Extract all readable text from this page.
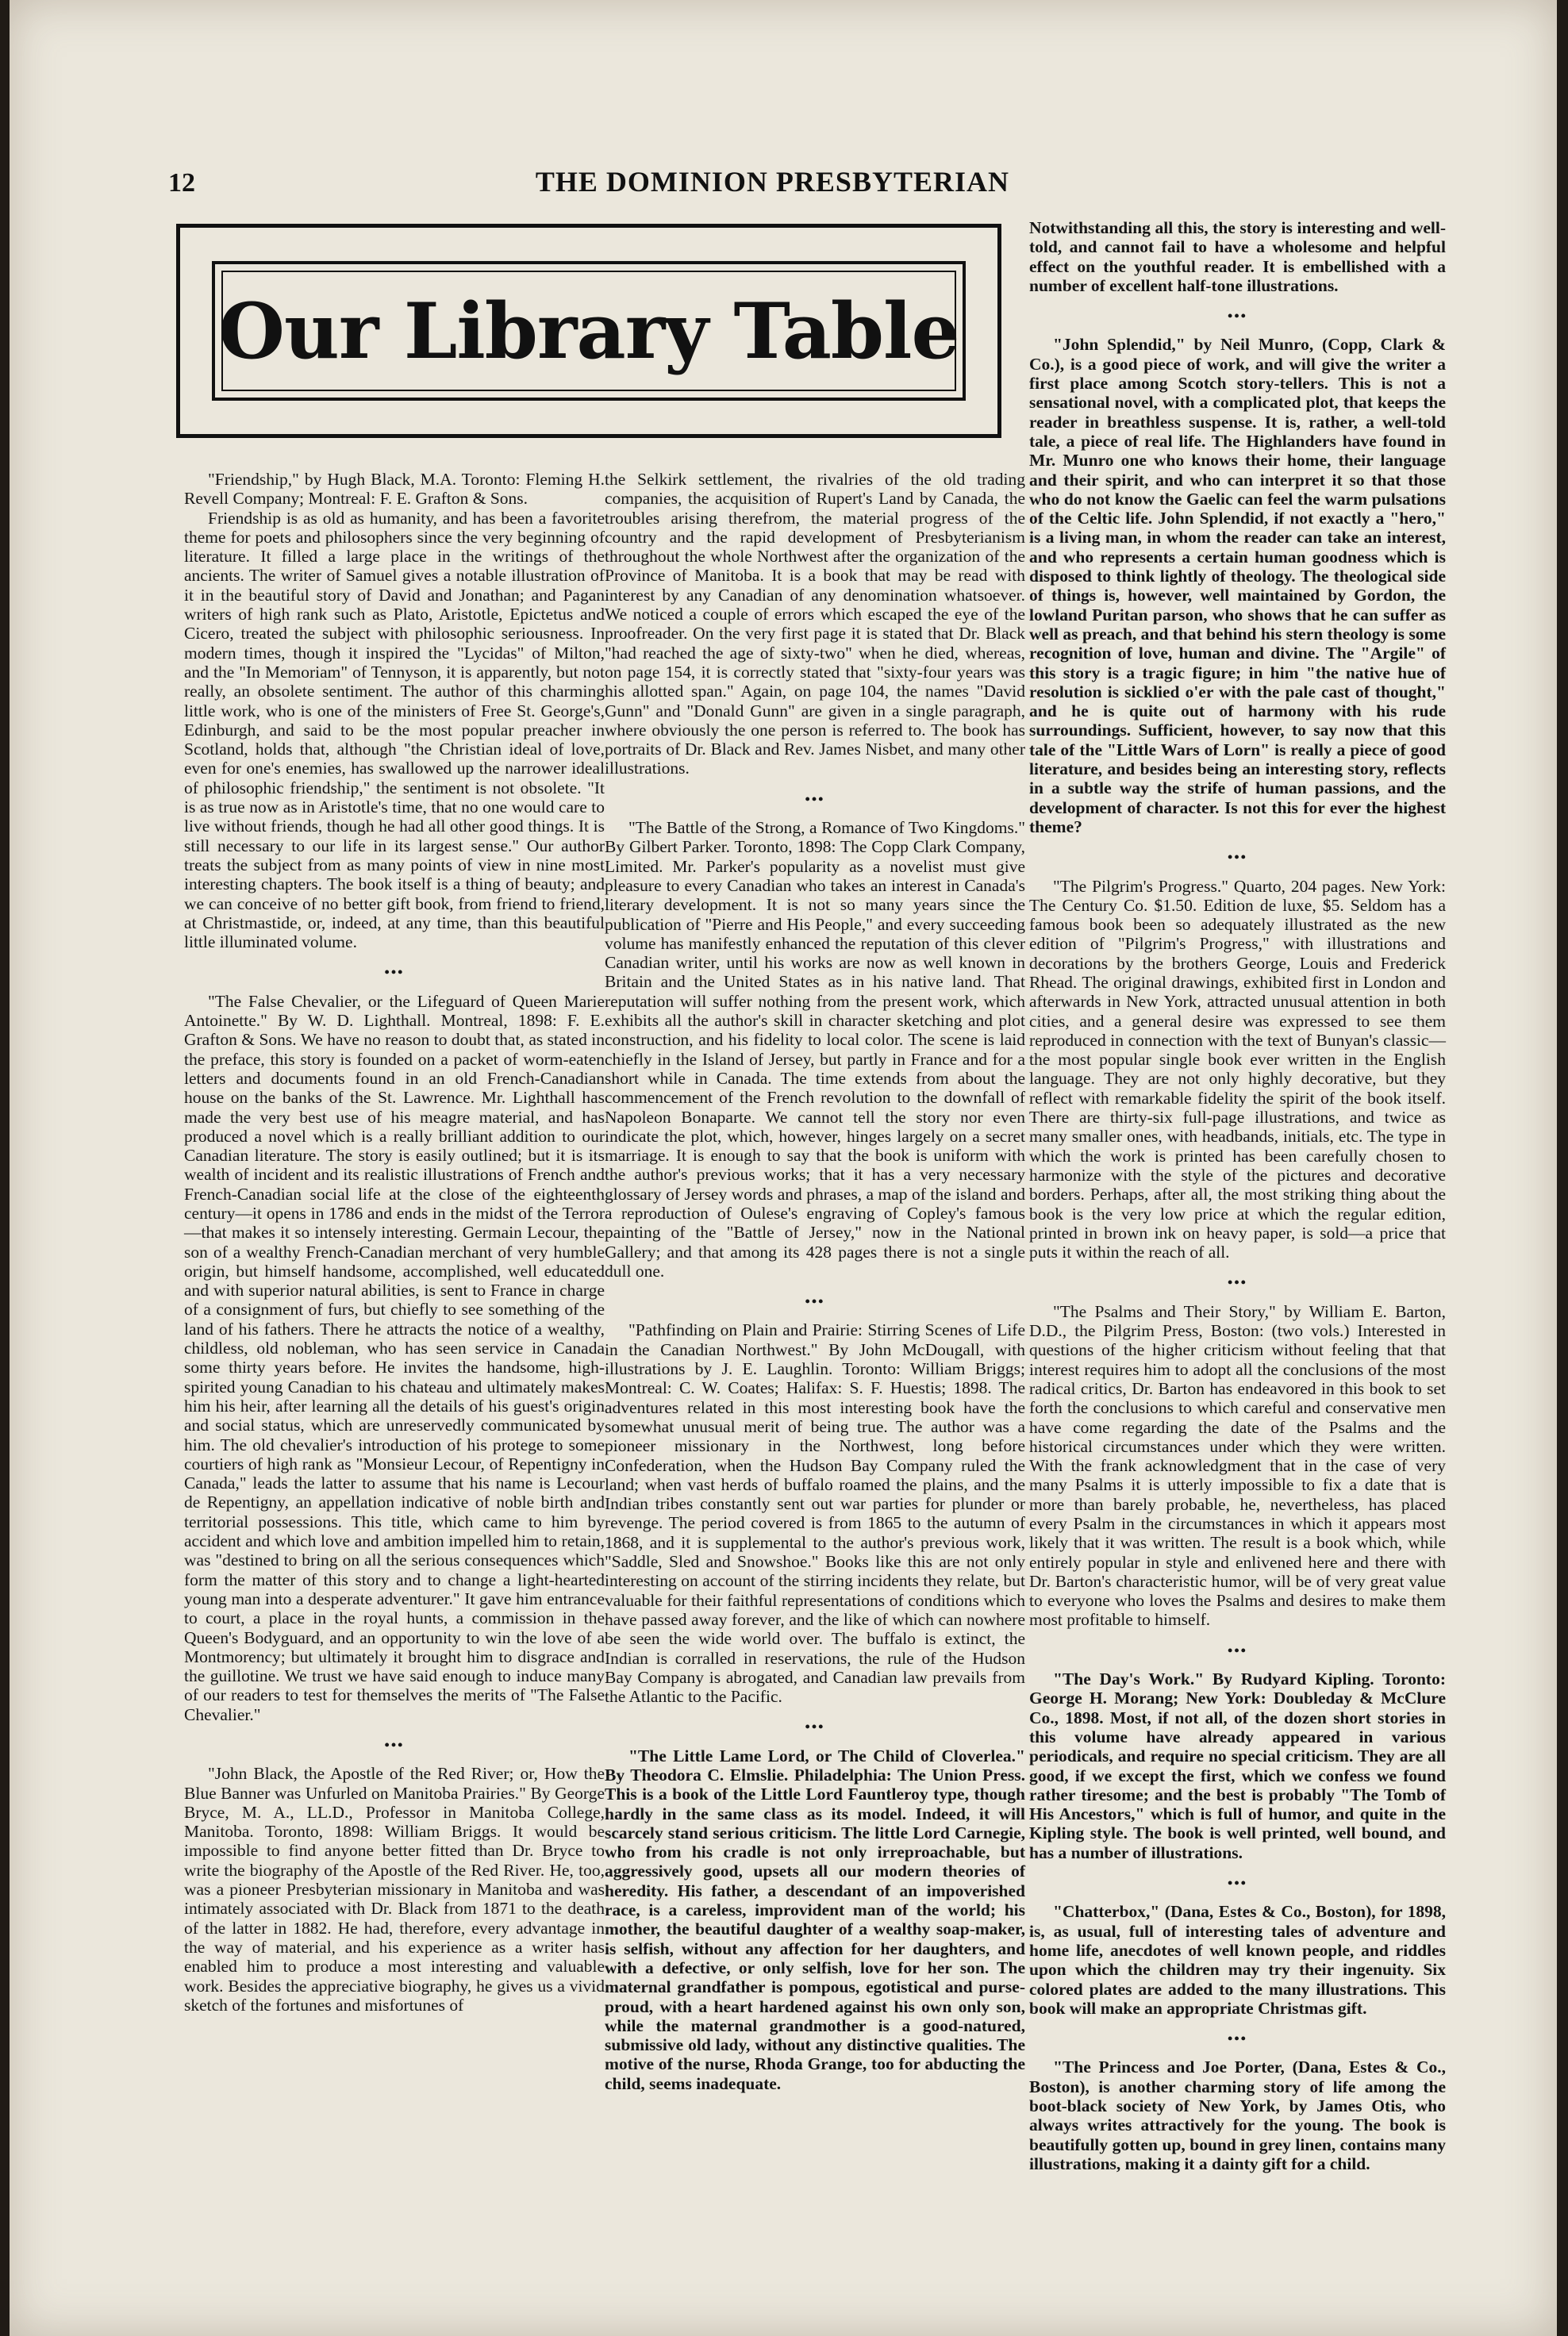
12	THE DOMINION PRESBYTERIAN
Our Library Table

"Friendship," by Hugh Black, M.A. Toronto: Fleming H. Revell Company; Montreal: F. E. Grafton & Sons.

Friendship is as old as humanity, and has been a favorite theme for poets and philosophers since the very beginning of literature. It filled a large place in the writings of the ancients. The writer of Samuel gives a notable illustration of it in the beautiful story of David and Jonathan; and Pagan writers of high rank such as Plato, Aristotle, Epictetus and Cicero, treated the subject with philosophic seriousness. In modern times, though it inspired the "Lycidas" of Milton, and the "In Memoriam" of Tennyson, it is apparently, but not really, an obsolete sentiment. The author of this charming little work, who is one of the ministers of Free St. George's, Edinburgh, and said to be the most popular preacher in Scotland, holds that, although "the Christian ideal of love, even for one's enemies, has swallowed up the narrower ideal of philosophic friendship," the sentiment is not obsolete. "It is as true now as in Aristotle's time, that no one would care to live without friends, though he had all other good things. It is still necessary to our life in its largest sense." Our author treats the subject from as many points of view in nine most interesting chapters. The book itself is a thing of beauty; and we can conceive of no better gift book, from friend to friend, at Christmastide, or, indeed, at any time, than this beautiful little illuminated volume.

•••

"The False Chevalier, or the Lifeguard of Queen Marie Antoinette." By W. D. Lighthall. Montreal, 1898: F. E. Grafton & Sons. We have no reason to doubt that, as stated in the preface, this story is founded on a packet of worm-eaten letters and documents found in an old French-Canadian house on the banks of the St. Lawrence. Mr. Lighthall has made the very best use of his meagre material, and has produced a novel which is a really brilliant addition to our Canadian literature. The story is easily outlined; but it is its wealth of incident and its realistic illustrations of French and French-Canadian social life at the close of the eighteenth century—it opens in 1786 and ends in the midst of the Terror—that makes it so intensely interesting. Germain Lecour, the son of a wealthy French-Canadian merchant of very humble origin, but himself handsome, accomplished, well educated and with superior natural abilities, is sent to France in charge of a consignment of furs, but chiefly to see something of the land of his fathers. There he attracts the notice of a wealthy, childless, old nobleman, who has seen service in Canada some thirty years before. He invites the handsome, high-spirited young Canadian to his chateau and ultimately makes him his heir, after learning all the details of his guest's origin and social status, which are unreservedly communicated by him. The old chevalier's introduction of his protege to some courtiers of high rank as "Monsieur Lecour, of Repentigny in Canada," leads the latter to assume that his name is Lecour de Repentigny, an appellation indicative of noble birth and territorial possessions. This title, which came to him by accident and which love and ambition impelled him to retain, was "destined to bring on all the serious consequences which form the matter of this story and to change a light-hearted young man into a desperate adventurer." It gave him entrance to court, a place in the royal hunts, a commission in the Queen's Bodyguard, and an opportunity to win the love of a Montmorency; but ultimately it brought him to disgrace and the guillotine. We trust we have said enough to induce many of our readers to test for themselves the merits of "The False Chevalier."

•••

"John Black, the Apostle of the Red River; or, How the Blue Banner was Unfurled on Manitoba Prairies." By George Bryce, M. A., LL.D., Professor in Manitoba College, Manitoba. Toronto, 1898: William Briggs. It would be impossible to find anyone better fitted than Dr. Bryce to write the biography of the Apostle of the Red River. He, too, was a pioneer Presbyterian missionary in Manitoba and was intimately associated with Dr. Black from 1871 to the death of the latter in 1882. He had, therefore, every advantage in the way of material, and his experience as a writer has enabled him to produce a most interesting and valuable work. Besides the appreciative biography, he gives us a vivid sketch of the fortunes and misfortunes of

the Selkirk settlement, the rivalries of the old trading companies, the acquisition of Rupert's Land by Canada, the troubles arising therefrom, the material progress of the country and the rapid development of Presbyterianism throughout the whole Northwest after the organization of the Province of Manitoba. It is a book that may be read with interest by any Canadian of any denomination whatsoever. We noticed a couple of errors which escaped the eye of the proofreader. On the very first page it is stated that Dr. Black "had reached the age of sixty-two" when he died, whereas, on page 154, it is correctly stated that "sixty-four years was his allotted span." Again, on page 104, the names "David Gunn" and "Donald Gunn" are given in a single paragraph, where obviously the one person is referred to. The book has portraits of Dr. Black and Rev. James Nisbet, and many other illustrations.

•••

"The Battle of the Strong, a Romance of Two Kingdoms." By Gilbert Parker. Toronto, 1898: The Copp Clark Company, Limited. Mr. Parker's popularity as a novelist must give pleasure to every Canadian who takes an interest in Canada's literary development. It is not so many years since the publication of "Pierre and His People," and every succeeding volume has manifestly enhanced the reputation of this clever Canadian writer, until his works are now as well known in Britain and the United States as in his native land. That reputation will suffer nothing from the present work, which exhibits all the author's skill in character sketching and plot construction, and his fidelity to local color. The scene is laid chiefly in the Island of Jersey, but partly in France and for a short while in Canada. The time extends from about the commencement of the French revolution to the downfall of Napoleon Bonaparte. We cannot tell the story nor even indicate the plot, which, however, hinges largely on a secret marriage. It is enough to say that the book is uniform with the author's previous works; that it has a very necessary glossary of Jersey words and phrases, a map of the island and a reproduction of Oulese's engraving of Copley's famous painting of the "Battle of Jersey," now in the National Gallery; and that among its 428 pages there is not a single dull one.

•••

"Pathfinding on Plain and Prairie: Stirring Scenes of Life in the Canadian Northwest." By John McDougall, with illustrations by J. E. Laughlin. Toronto: William Briggs; Montreal: C. W. Coates; Halifax: S. F. Huestis; 1898. The adventures related in this most interesting book have the somewhat unusual merit of being true. The author was a pioneer missionary in the Northwest, long before Confederation, when the Hudson Bay Company ruled the land; when vast herds of buffalo roamed the plains, and the Indian tribes constantly sent out war parties for plunder or revenge. The period covered is from 1865 to the autumn of 1868, and it is supplemental to the author's previous work, "Saddle, Sled and Snowshoe." Books like this are not only interesting on account of the stirring incidents they relate, but valuable for their faithful representations of conditions which have passed away forever, and the like of which can nowhere be seen the wide world over. The buffalo is extinct, the Indian is corralled in reservations, the rule of the Hudson Bay Company is abrogated, and Canadian law prevails from the Atlantic to the Pacific.

•••

"The Little Lame Lord, or The Child of Cloverlea." By Theodora C. Elmslie. Philadelphia: The Union Press. This is a book of the Little Lord Fauntleroy type, though hardly in the same class as its model. Indeed, it will scarcely stand serious criticism. The little Lord Carnegie, who from his cradle is not only irreproachable, but aggressively good, upsets all our modern theories of heredity. His father, a descendant of an impoverished race, is a careless, improvident man of the world; his mother, the beautiful daughter of a wealthy soap-maker, is selfish, without any affection for her daughters, and with a defective, or only selfish, love for her son. The maternal grandfather is pompous, egotistical and purse-proud, with a heart hardened against his own only son, while the maternal grandmother is a good-natured, submissive old lady, without any distinctive qualities. The motive of the nurse, Rhoda Grange, too for abducting the child, seems inadequate.

Notwithstanding all this, the story is interesting and well-told, and cannot fail to have a wholesome and helpful effect on the youthful reader. It is embellished with a number of excellent half-tone illustrations.

•••

"John Splendid," by Neil Munro, (Copp, Clark & Co.), is a good piece of work, and will give the writer a first place among Scotch story-tellers. This is not a sensational novel, with a complicated plot, that keeps the reader in breathless suspense. It is, rather, a well-told tale, a piece of real life. The Highlanders have found in Mr. Munro one who knows their home, their language and their spirit, and who can interpret it so that those who do not know the Gaelic can feel the warm pulsations of the Celtic life. John Splendid, if not exactly a "hero," is a living man, in whom the reader can take an interest, and who represents a certain human goodness which is disposed to think lightly of theology. The theological side of things is, however, well maintained by Gordon, the lowland Puritan parson, who shows that he can suffer as well as preach, and that behind his stern theology is some recognition of love, human and divine. The "Argile" of this story is a tragic figure; in him "the native hue of resolution is sicklied o'er with the pale cast of thought," and he is quite out of harmony with his rude surroundings. Sufficient, however, to say now that this tale of the "Little Wars of Lorn" is really a piece of good literature, and besides being an interesting story, reflects in a subtle way the strife of human passions, and the development of character. Is not this for ever the highest theme?

•••

"The Pilgrim's Progress." Quarto, 204 pages. New York: The Century Co. $1.50. Edition de luxe, $5. Seldom has a famous book been so adequately illustrated as the new edition of "Pilgrim's Progress," with illustrations and decorations by the brothers George, Louis and Frederick Rhead. The original drawings, exhibited first in London and afterwards in New York, attracted unusual attention in both cities, and a general desire was expressed to see them reproduced in connection with the text of Bunyan's classic—the most popular single book ever written in the English language. They are not only highly decorative, but they reflect with remarkable fidelity the spirit of the book itself. There are thirty-six full-page illustrations, and twice as many smaller ones, with headbands, initials, etc. The type in which the work is printed has been carefully chosen to harmonize with the style of the pictures and decorative borders. Perhaps, after all, the most striking thing about the book is the very low price at which the regular edition, printed in brown ink on heavy paper, is sold—a price that puts it within the reach of all.

•••

"The Psalms and Their Story," by William E. Barton, D.D., the Pilgrim Press, Boston: (two vols.) Interested in questions of the higher criticism without feeling that that interest requires him to adopt all the conclusions of the most radical critics, Dr. Barton has endeavored in this book to set forth the conclusions to which careful and conservative men have come regarding the date of the Psalms and the historical circumstances under which they were written. With the frank acknowledgment that in the case of very many Psalms it is utterly impossible to fix a date that is more than barely probable, he, nevertheless, has placed every Psalm in the circumstances in which it appears most likely that it was written. The result is a book which, while entirely popular in style and enlivened here and there with Dr. Barton's characteristic humor, will be of very great value to everyone who loves the Psalms and desires to make them most profitable to himself.

•••

"The Day's Work." By Rudyard Kipling. Toronto: George H. Morang; New York: Doubleday & McClure Co., 1898. Most, if not all, of the dozen short stories in this volume have already appeared in various periodicals, and require no special criticism. They are all good, if we except the first, which we confess we found rather tiresome; and the best is probably "The Tomb of His Ancestors," which is full of humor, and quite in the Kipling style. The book is well printed, well bound, and has a number of illustrations.

•••

"Chatterbox," (Dana, Estes & Co., Boston), for 1898, is, as usual, full of interesting tales of adventure and home life, anecdotes of well known people, and riddles upon which the children may try their ingenuity. Six colored plates are added to the many illustrations. This book will make an appropriate Christmas gift.

•••

"The Princess and Joe Porter, (Dana, Estes & Co., Boston), is another charming story of life among the boot-black society of New York, by James Otis, who always writes attractively for the young. The book is beautifully gotten up, bound in grey linen, contains many illustrations, making it a dainty gift for a child.
